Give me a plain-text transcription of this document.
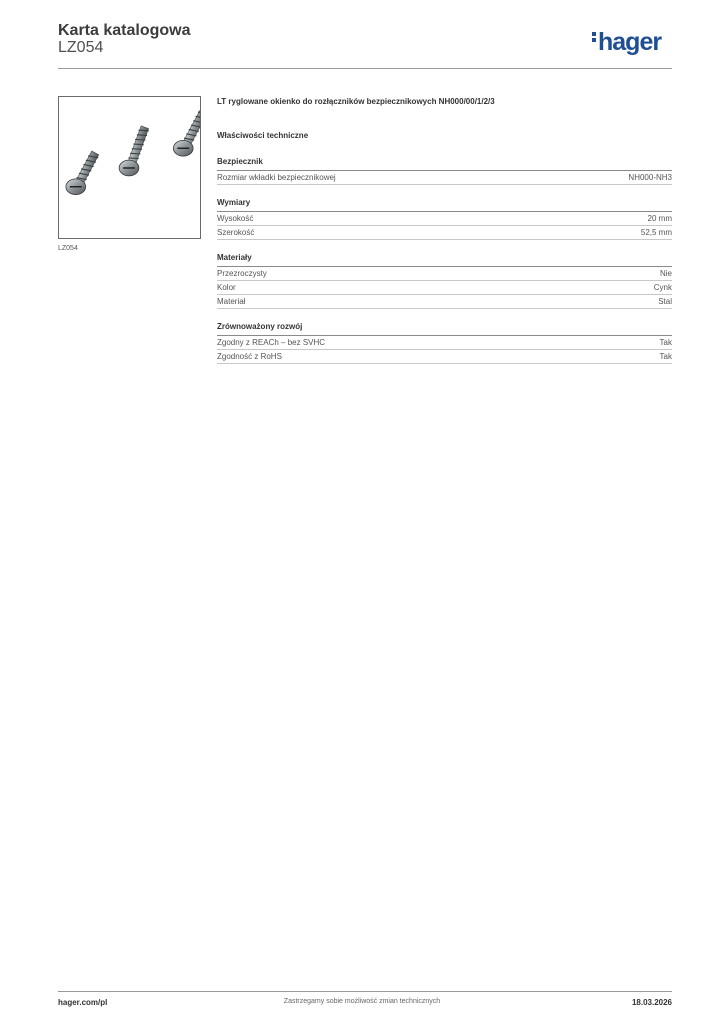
Karta katalogowa
LZ054	hager
LZ054
LT ryglowane okienko do rozłączników bezpiecznikowych NH000/00/1/2/3
Właściwości techniczne
Bezpiecznik
Rozmiar wkładki bezpiecznikowej	NH000-NH3
Wymiary
Wysokość	20 mm
Szerokość	52,5 mm
Materiały
Przezroczysty	Nie
Kolor	Cynk
Materiał	Stal
Zrównoważony rozwój
Zgodny z REACh – bez SVHC	Tak
Zgodność z RoHS	Tak
hager.com/pl	Zastrzegamy sobie możliwość zmian technicznych	18.03.2026
